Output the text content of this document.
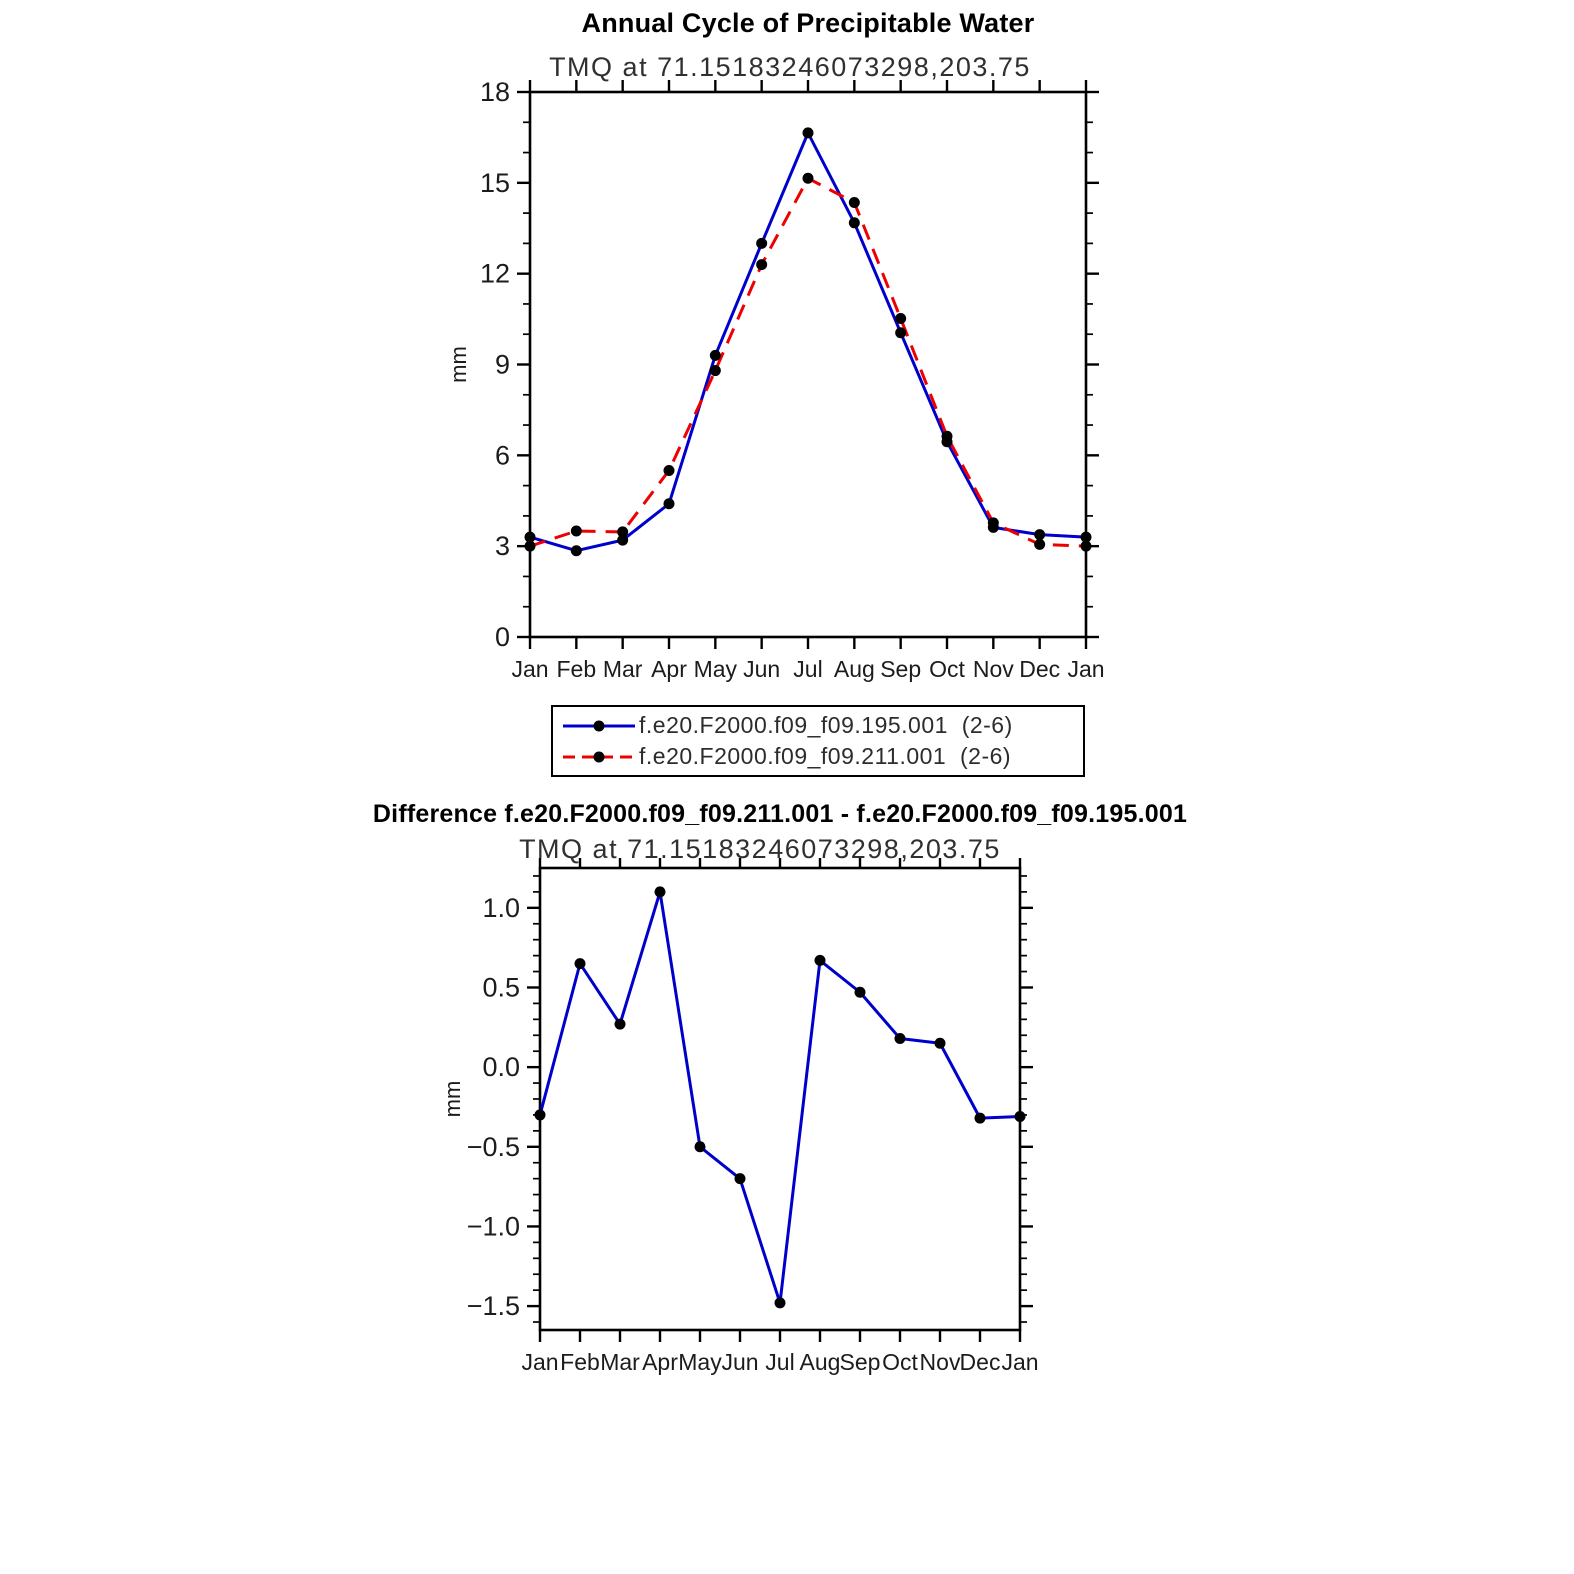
Annual Cycle of Precipitable Water
TMQ at 71.15183246073298,203.75
0
3
6
9
12
15
18
Jan Feb Mar Apr May Jun Jul Aug Sep Oct Nov Dec Jan
mm
f.e20.F2000.f09_f09.195.001  (2-6)
f.e20.F2000.f09_f09.211.001  (2-6)
Difference f.e20.F2000.f09_f09.211.001 - f.e20.F2000.f09_f09.195.001
TMQ at 71.15183246073298,203.75
−1.5
−1.0
−0.5
0.0
0.5
1.0
Jan Feb Mar Apr May Jun Jul Aug Sep Oct Nov Dec Jan
mm
